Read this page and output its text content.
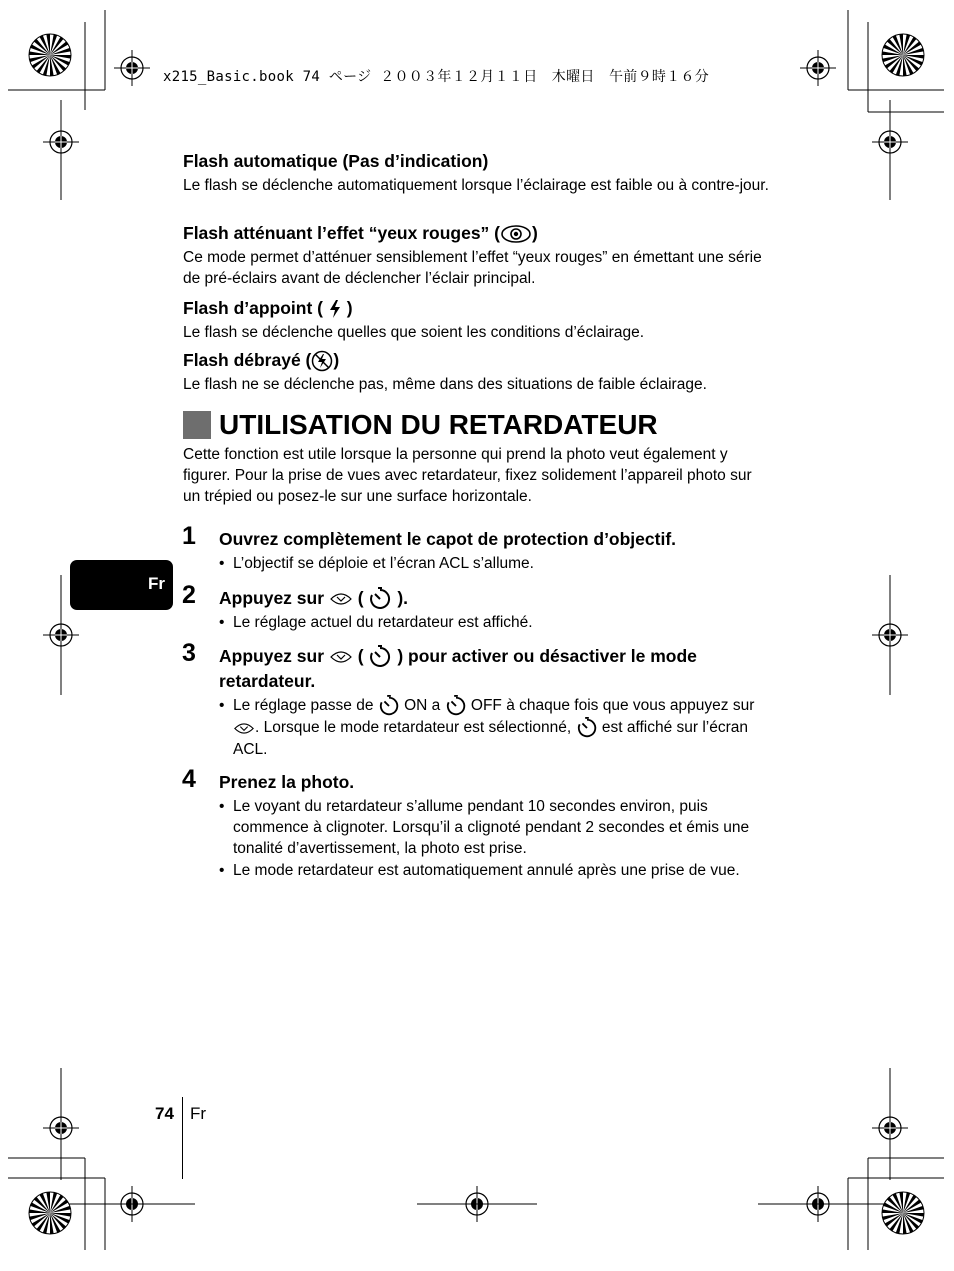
x215_Basic.book 74 ページ ２００３年１２月１１日　木曜日　午前９時１６分
Flash automatique (Pas d’indication)
Le flash se déclenche automatiquement lorsque l’éclairage est faible ou à contre-jour.
Flash atténuant l’effet “yeux rouges” ( )
Ce mode permet d’atténuer sensiblement l’effet “yeux rouges” en émettant une série de pré-éclairs avant de déclencher l’éclair principal.
Flash d’appoint ( )
Le flash se déclenche quelles que soient les conditions d’éclairage.
Flash débrayé ( )
Le flash ne se déclenche pas, même dans des situations de faible éclairage.
UTILISATION DU RETARDATEUR
Cette fonction est utile lorsque la personne qui prend la photo veut également y figurer. Pour la prise de vues avec retardateur, fixez solidement l’appareil photo sur un trépied ou posez-le sur une surface horizontale.
1 Ouvrez complètement le capot de protection d’objectif.
• L’objectif se déploie et l’écran ACL s’allume.
2 Appuyez sur ( ).
• Le réglage actuel du retardateur est affiché.
3 Appuyez sur ( ) pour activer ou désactiver le mode retardateur.
• Le réglage passe de ON a OFF à chaque fois que vous appuyez sur . Lorsque le mode retardateur est sélectionné, est affiché sur l’écran ACL.
4 Prenez la photo.
• Le voyant du retardateur s’allume pendant 10 secondes environ, puis commence à clignoter. Lorsqu’il a clignoté pendant 2 secondes et émis une tonalité d’avertissement, la photo est prise.
• Le mode retardateur est automatiquement annulé après une prise de vue.
Fr
74 Fr
